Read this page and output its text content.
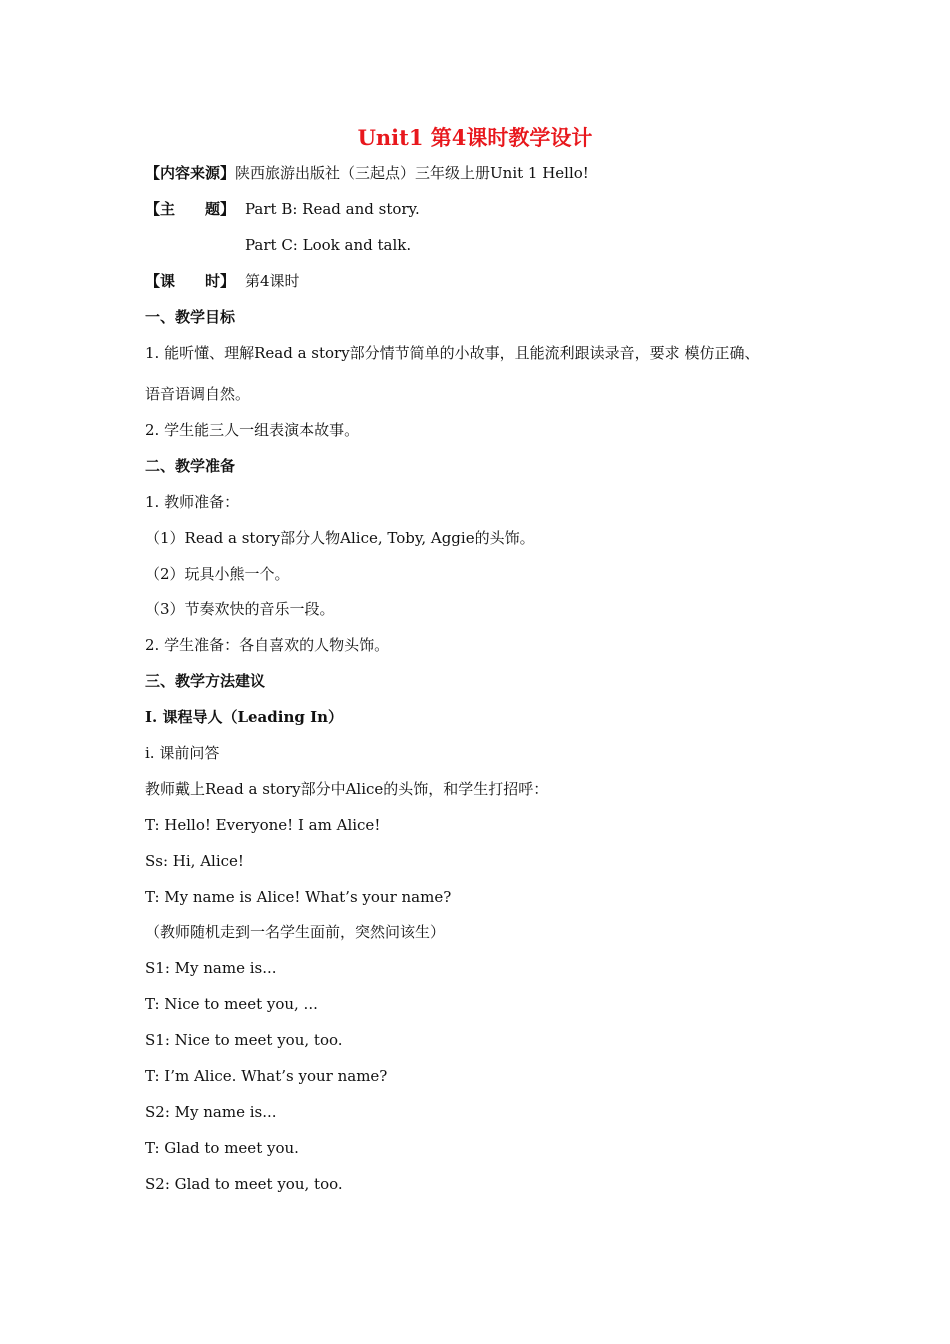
Unit1 第4课时教学设计
【内容来源】陕西旅游出版社（三起点）三年级上册Unit 1 Hello!
【主　　题】 Part B: Read and story.
Part C: Look and talk.
【课　　时】 第4课时
一、教学目标
1. 能听懂、理解Read a story部分情节简单的小故事，且能流利跟读录音，要求 模仿正确、
语音语调自然。
2. 学生能三人一组表演本故事。
二、教学准备
1. 教师准备：
（1）Read a story部分人物Alice, Toby, Aggie的头饰。
（2）玩具小熊一个。
（3）节奏欢快的音乐一段。
2. 学生准备：各自喜欢的人物头饰。
三、教学方法建议
I. 课程导人（Leading In）
i. 课前问答
教师戴上Read a story部分中Alice的头饰，和学生打招呼：
T: Hello! Everyone! I am Alice!
Ss: Hi, Alice!
T: My name is Alice! What’s your name?
（教师随机走到一名学生面前，突然问该生）
S1: My name is...
T: Nice to meet you, ...
S1: Nice to meet you, too.
T: I’m Alice. What’s your name?
S2: My name is...
T: Glad to meet you.
S2: Glad to meet you, too.
